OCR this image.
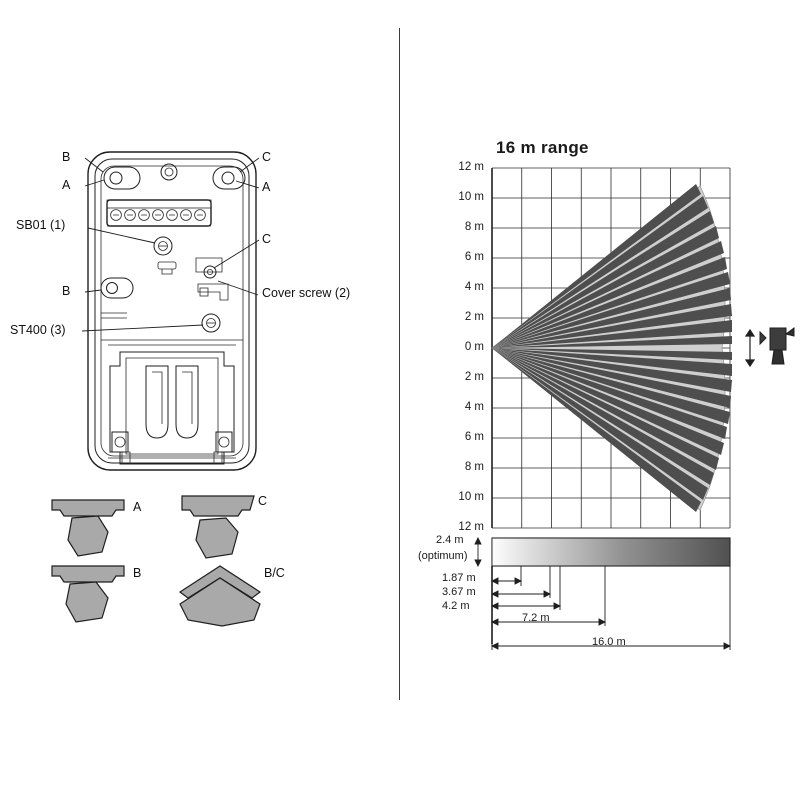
B
A
C
A
C
SB01 (1)
B
ST400 (3)
Cover screw (2)
A	C
B	B/C
16 m range
12 m
10 m
8 m
6 m
4 m
2 m
0 m
2 m
4 m
6 m
8 m
10 m
12 m
2.4 m
(optimum)
1.87 m
3.67 m
4.2 m
7.2 m
16.0 m
